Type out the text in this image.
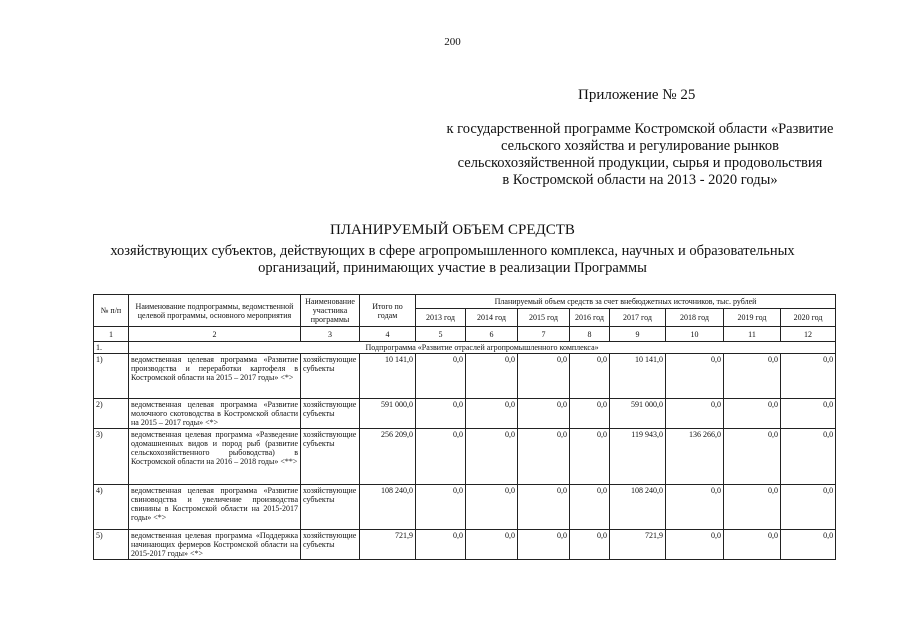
200
Приложение № 25
к государственной программе Костромской области «Развитие
сельского хозяйства и регулирование рынков
сельскохозяйственной продукции, сырья и продовольствия
в Костромской области на 2013 - 2020 годы»
ПЛАНИРУЕМЫЙ ОБЪЕМ СРЕДСТВ
хозяйствующих субъектов, действующих в сфере агропромышленного комплекса, научных и образовательных
организаций, принимающих участие в реализации Программы
№ п/п	Наименование подпрограммы, ведомственной целевой программы, основного мероприятия	Наименование участника программы	Итого по годам	Планируемый объем средств за счет внебюджетных источников, тыс. рублей							
				2013 год	2014 год	2015 год	2016 год	2017 год	2018 год	2019 год	2020 год
1	2	3	4	5	6	7	8	9	10	11	12
1.	Подпрограмма «Развитие отраслей агропромышленного комплекса»										
1)	ведомственная целевая программа «Развитие производства и переработки картофеля в Костромской области на 2015 – 2017 годы» <*>	хозяйствующие субъекты	10 141,0	0,0	0,0	0,0	0,0	10 141,0	0,0	0,0	0,0
2)	ведомственная целевая программа «Развитие молочного скотоводства в Костромской области на 2015 – 2017 годы» <*>	хозяйствующие субъекты	591 000,0	0,0	0,0	0,0	0,0	591 000,0	0,0	0,0	0,0
3)	ведомственная целевая программа «Разведение одомашненных видов и пород рыб (развитие сельскохозяйственного рыбоводства) в Костромской области на 2016 – 2018 годы» <**>	хозяйствующие субъекты	256 209,0	0,0	0,0	0,0	0,0	119 943,0	136 266,0	0,0	0,0
4)	ведомственная целевая программа «Развитие свиноводства и увеличение производства свинины в Костромской области на 2015-2017 годы» <*>	хозяйствующие субъекты	108 240,0	0,0	0,0	0,0	0,0	108 240,0	0,0	0,0	0,0
5)	ведомственная целевая программа «Поддержка начинающих фермеров Костромской области на 2015-2017 годы» <*>	хозяйствующие субъекты	721,9	0,0	0,0	0,0	0,0	721,9	0,0	0,0	0,0
